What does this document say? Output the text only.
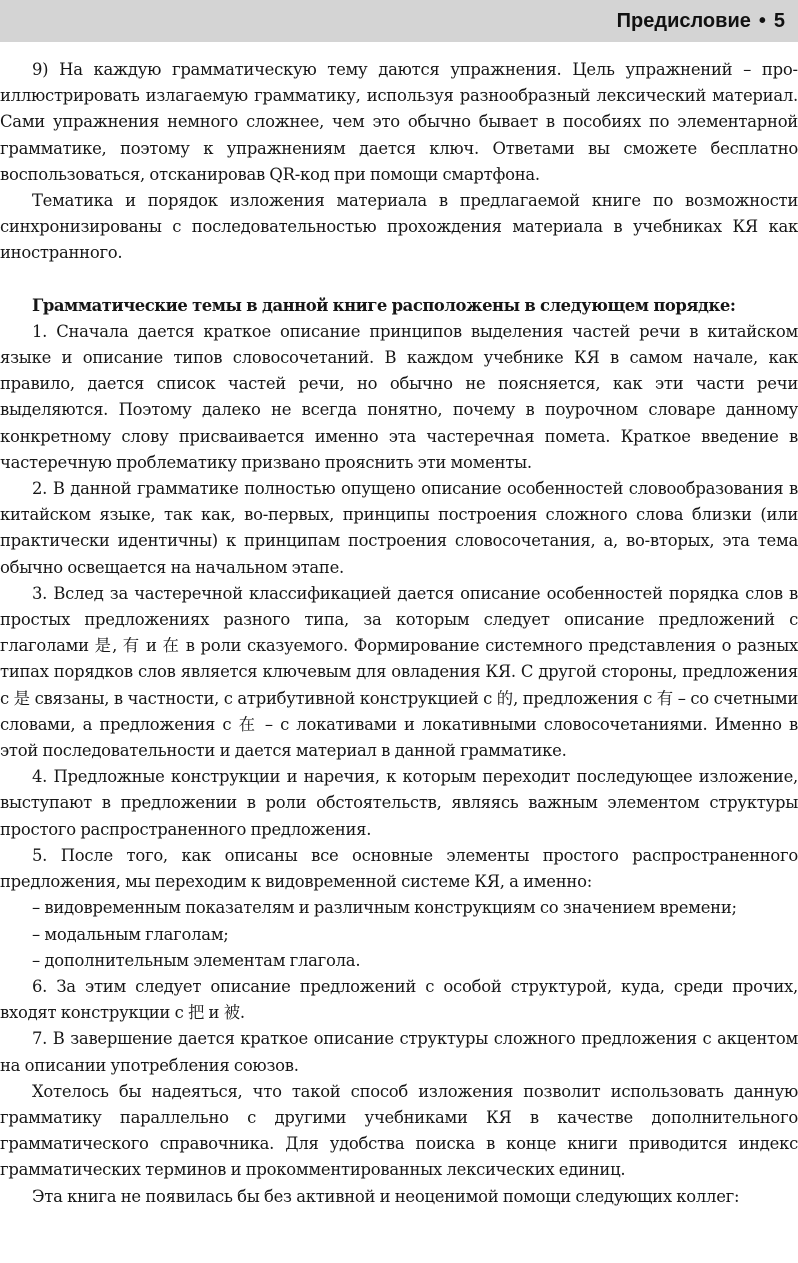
Предисловие • 5

9) На каждую грамматическую тему даются упражнения. Цель упражнений – проиллюстрировать излагаемую грамматику, используя разнообразный лексический материал. Сами упражнения немного сложнее, чем это обычно бывает в пособиях по элементарной грамматике, поэтому к упражнениям дается ключ. Ответами вы сможете бесплатно воспользоваться, отсканировав QR-код при помощи смартфона.

Тематика и порядок изложения материала в предлагаемой книге по возможности синхронизированы с последовательностью прохождения материала в учебниках КЯ как иностранного.

Грамматические темы в данной книге расположены в следующем порядке:

1. Сначала дается краткое описание принципов выделения частей речи в китайском языке и описание типов словосочетаний. В каждом учебнике КЯ в самом начале, как правило, дается список частей речи, но обычно не поясняется, как эти части речи выделяются. Поэтому далеко не всегда понятно, почему в поурочном словаре данному конкретному слову присваивается именно эта частеречная помета. Краткое введение в частеречную проблематику призвано прояснить эти моменты.

2. В данной грамматике полностью опущено описание особенностей словообразования в китайском языке, так как, во-первых, принципы построения сложного слова близки (или практически идентичны) к принципам построения словосочетания, а, во-вторых, эта тема обычно освещается на начальном этапе.

3. Вслед за частеречной классификацией дается описание особенностей порядка слов в простых предложениях разного типа, за которым следует описание предложений с глаголами 是, 有 и 在 в роли сказуемого. Формирование системного представления о разных типах порядков слов является ключевым для овладения КЯ. С другой стороны, предложения с 是 связаны, в частности, с атрибутивной конструкцией с 的, предложения с 有 – со счетными словами, а предложения с 在 – с локативами и локативными словосочетаниями. Именно в этой последовательности и дается материал в данной грамматике.

4. Предложные конструкции и наречия, к которым переходит последующее изложение, выступают в предложении в роли обстоятельств, являясь важным элементом структуры простого распространенного предложения.

5. После того, как описаны все основные элементы простого распространенного предложения, мы переходим к видовременной системе КЯ, а именно:

– видовременным показателям и различным конструкциям со значением времени;

– модальным глаголам;

– дополнительным элементам глагола.

6. За этим следует описание предложений с особой структурой, куда, среди прочих, входят конструкции с 把 и 被.

7. В завершение дается краткое описание структуры сложного предложения с акцентом на описании употребления союзов.

Хотелось бы надеяться, что такой способ изложения позволит использовать данную грамматику параллельно с другими учебниками КЯ в качестве дополнительного грамматического справочника. Для удобства поиска в конце книги приводится индекс грамматических терминов и прокомментированных лексических единиц.

Эта книга не появилась бы без активной и неоценимой помощи следующих коллег:
